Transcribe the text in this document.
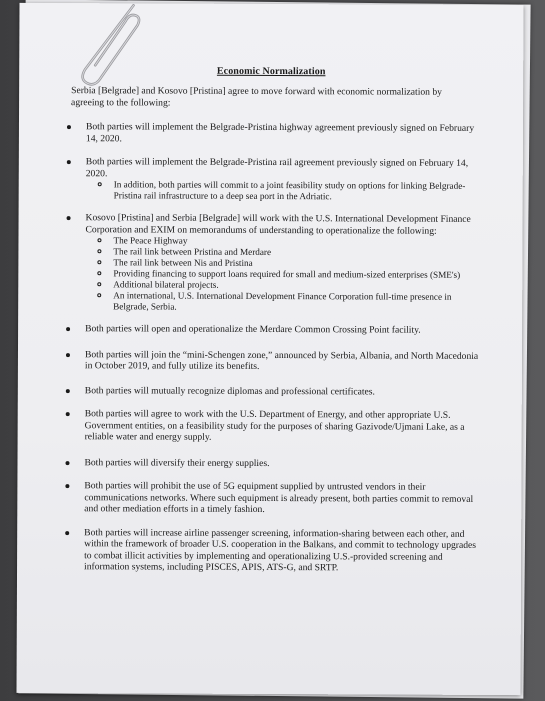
Economic Normalization
Serbia [Belgrade] and Kosovo [Pristina] agree to move forward with economic normalization by agreeing to the following:
Both parties will implement the Belgrade-Pristina highway agreement previously signed on February 14, 2020.
Both parties will implement the Belgrade-Pristina rail agreement previously signed on February 14, 2020.
In addition, both parties will commit to a joint feasibility study on options for linking Belgrade-Pristina rail infrastructure to a deep sea port in the Adriatic.
Kosovo [Pristina] and Serbia [Belgrade] will work with the U.S. International Development Finance Corporation and EXIM on memorandums of understanding to operationalize the following:
The Peace Highway
The rail link between Pristina and Merdare
The rail link between Nis and Pristina
Providing financing to support loans required for small and medium-sized enterprises (SME's)
Additional bilateral projects.
An international, U.S. International Development Finance Corporation full-time presence in Belgrade, Serbia.
Both parties will open and operationalize the Merdare Common Crossing Point facility.
Both parties will join the “mini-Schengen zone,” announced by Serbia, Albania, and North Macedonia in October 2019, and fully utilize its benefits.
Both parties will mutually recognize diplomas and professional certificates.
Both parties will agree to work with the U.S. Department of Energy, and other appropriate U.S. Government entities, on a feasibility study for the purposes of sharing Gazivode/Ujmani Lake, as a reliable water and energy supply.
Both parties will diversify their energy supplies.
Both parties will prohibit the use of 5G equipment supplied by untrusted vendors in their communications networks. Where such equipment is already present, both parties commit to removal and other mediation efforts in a timely fashion.
Both parties will increase airline passenger screening, information-sharing between each other, and within the framework of broader U.S. cooperation in the Balkans, and commit to technology upgrades to combat illicit activities by implementing and operationalizing U.S.-provided screening and information systems, including PISCES, APIS, ATS-G, and SRTP.
